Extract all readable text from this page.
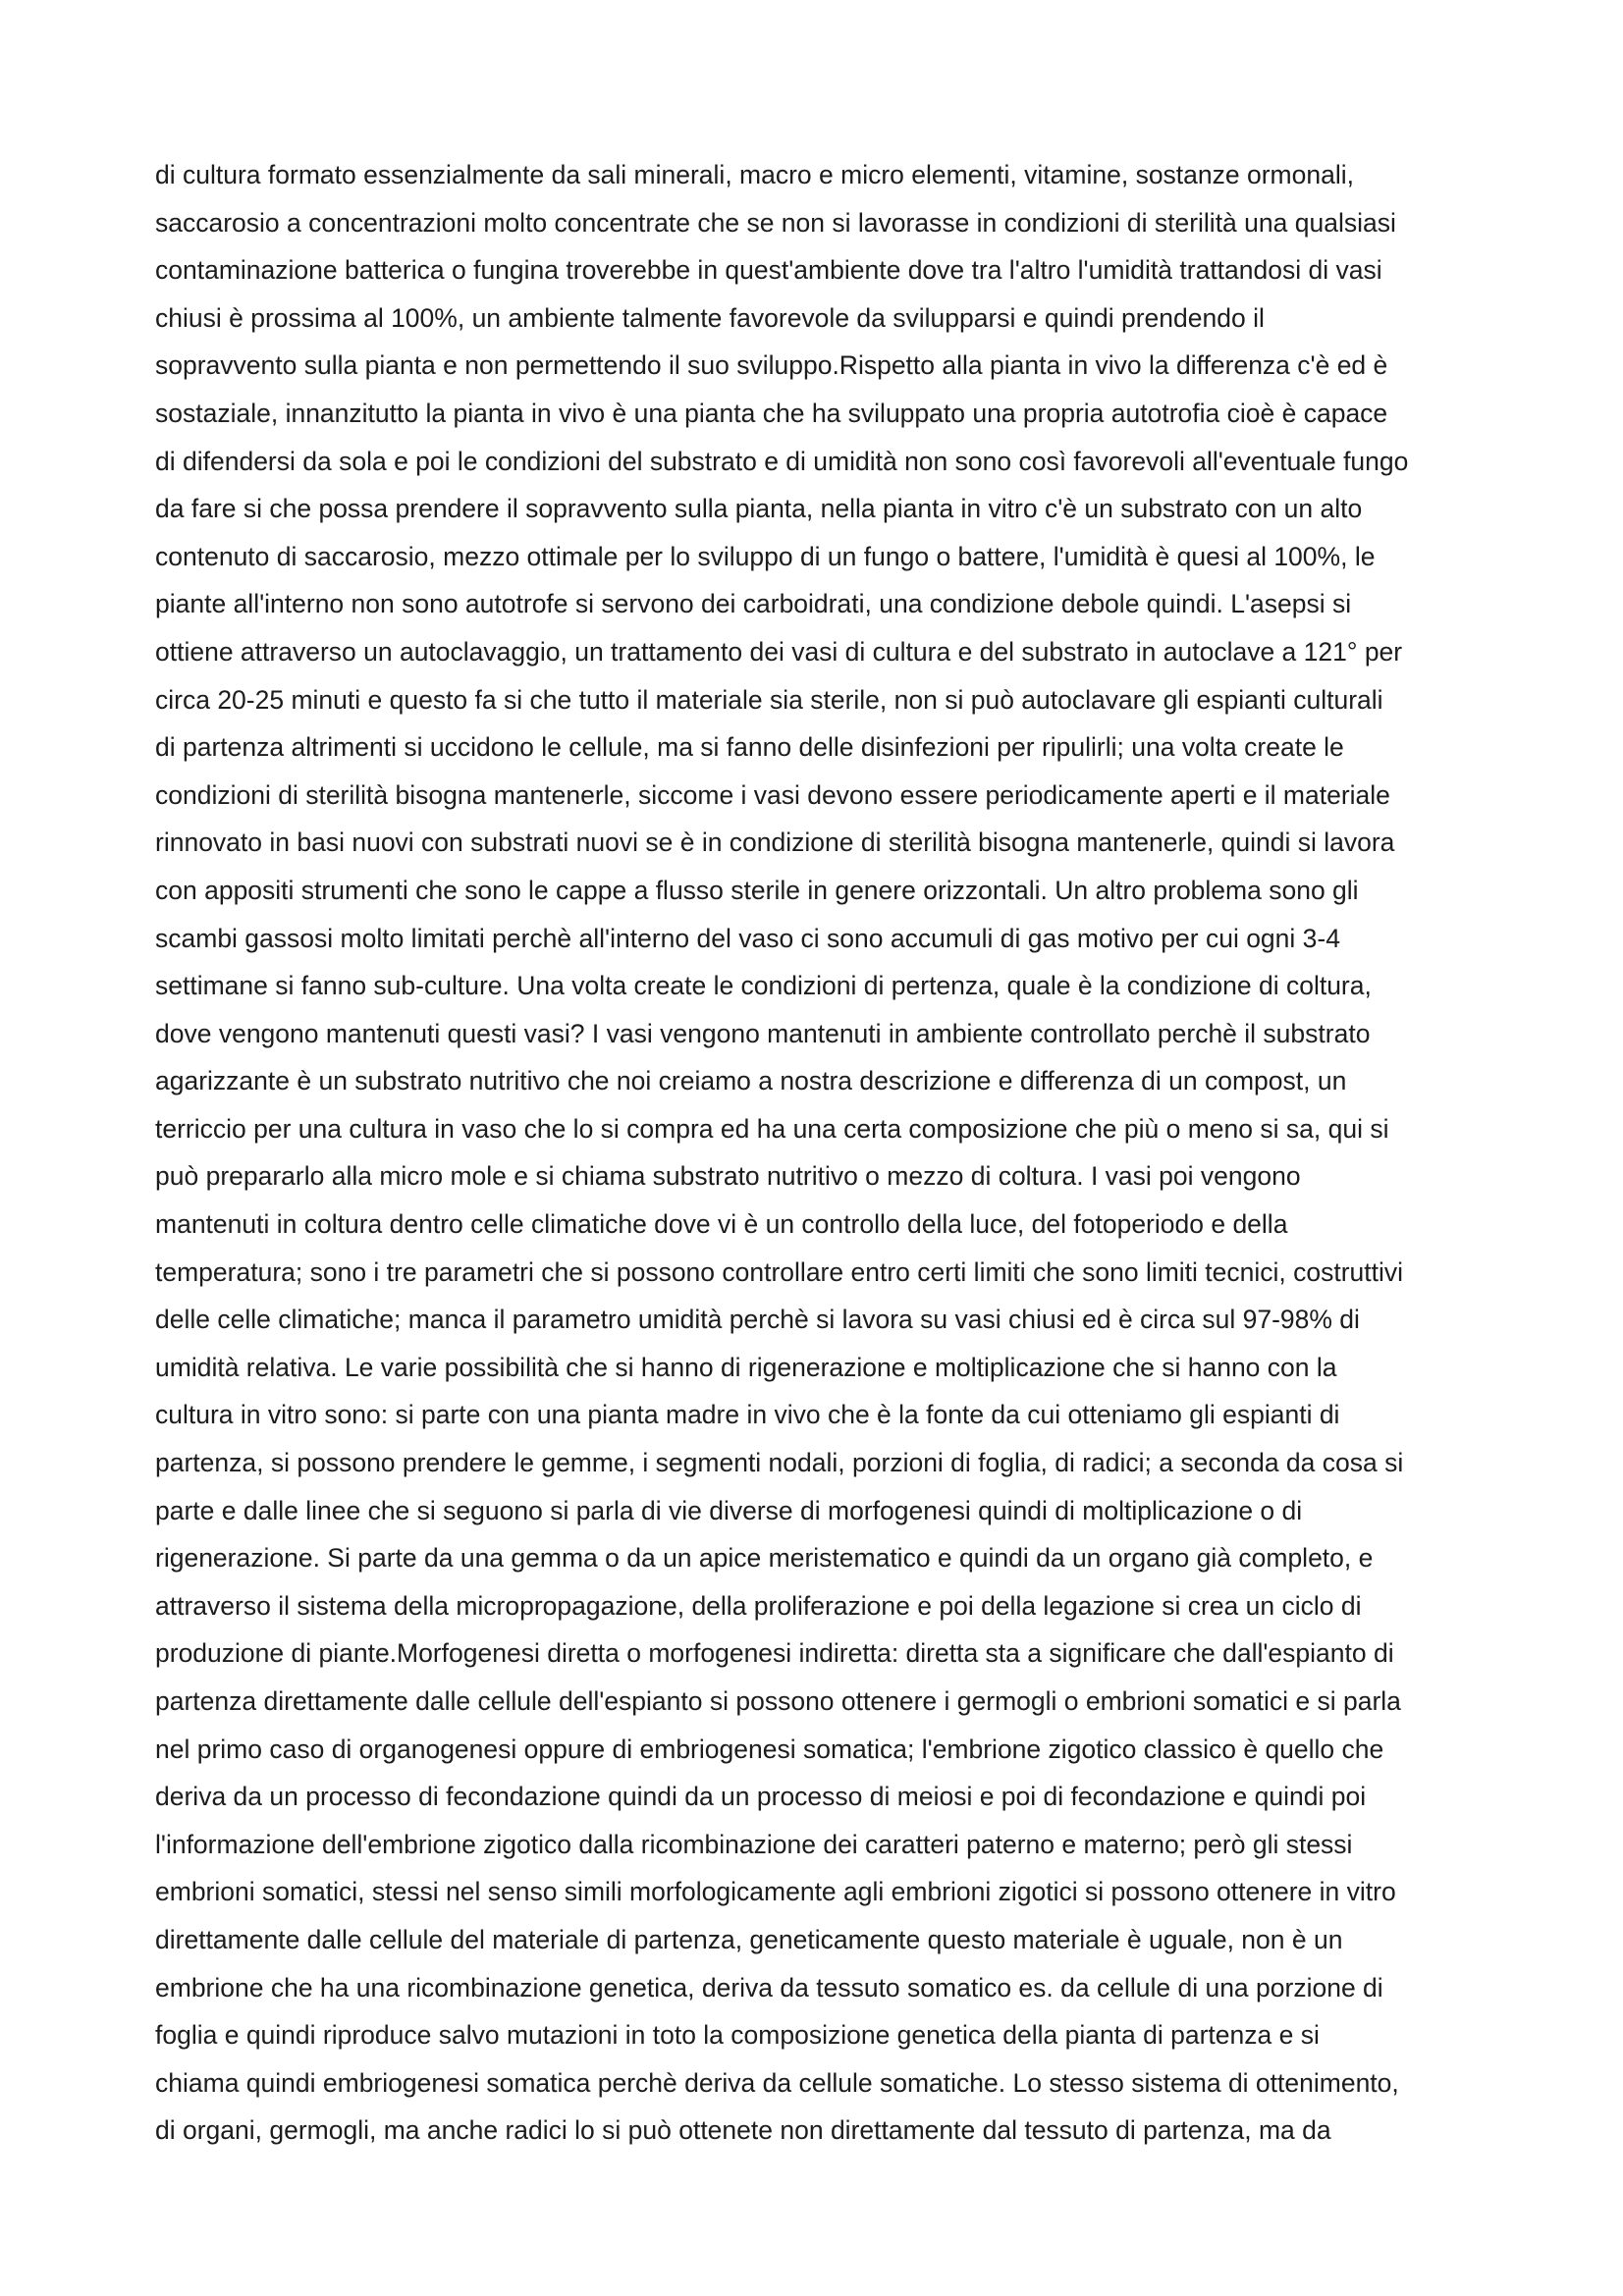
di cultura formato essenzialmente da sali minerali, macro e micro elementi, vitamine, sostanze ormonali,
saccarosio a concentrazioni molto concentrate che se non si lavorasse in condizioni di sterilità una qualsiasi
contaminazione batterica o fungina troverebbe in quest'ambiente dove tra l'altro l'umidità trattandosi di vasi
chiusi è prossima al 100%, un ambiente talmente favorevole da svilupparsi e quindi prendendo il
sopravvento sulla pianta e non permettendo il suo sviluppo.Rispetto alla pianta in vivo la differenza c'è ed è
sostaziale, innanzitutto la pianta in vivo è una pianta che ha sviluppato una propria autotrofia cioè è capace
di difendersi da sola e poi le condizioni del substrato e di umidità non sono così favorevoli all'eventuale fungo
da fare si che possa prendere il sopravvento sulla pianta, nella pianta in vitro c'è un substrato con un alto
contenuto di saccarosio, mezzo ottimale per lo sviluppo di un fungo o battere, l'umidità è quesi al 100%, le
piante all'interno non sono autotrofe si servono dei carboidrati, una condizione debole quindi. L'asepsi si
ottiene attraverso un autoclavaggio, un trattamento dei vasi di cultura e del substrato in autoclave a 121° per
circa 20-25 minuti e questo fa si che tutto il materiale sia sterile, non si può autoclavare gli espianti culturali
di partenza altrimenti si uccidono le cellule, ma si fanno delle disinfezioni per ripulirli; una volta create le
condizioni di sterilità bisogna mantenerle, siccome i vasi devono essere periodicamente aperti e il materiale
rinnovato in basi nuovi con substrati nuovi se è in condizione di sterilità bisogna mantenerle, quindi si lavora
con appositi strumenti che sono le cappe a flusso sterile in genere orizzontali. Un altro problema sono gli
scambi gassosi molto limitati perchè all'interno del vaso ci sono accumuli di gas motivo per cui ogni 3-4
settimane si fanno sub-culture. Una volta create le condizioni di pertenza, quale è la condizione di coltura,
dove vengono mantenuti questi vasi? I vasi vengono mantenuti in ambiente controllato perchè il substrato
agarizzante è un substrato nutritivo che noi creiamo a nostra descrizione e differenza di un compost, un
terriccio per una cultura in vaso che lo si compra ed ha una certa composizione che più o meno si sa, qui si
può prepararlo alla micro mole e si chiama substrato nutritivo o mezzo di coltura. I vasi poi vengono
mantenuti in coltura dentro celle climatiche dove vi è un controllo della luce, del fotoperiodo e della
temperatura; sono i tre parametri che si possono controllare entro certi limiti che sono limiti tecnici, costruttivi
delle celle climatiche; manca il parametro umidità perchè si lavora su vasi chiusi ed è circa sul 97-98% di
umidità relativa. Le varie possibilità che si hanno di rigenerazione e moltiplicazione che si hanno con la
cultura in vitro sono: si parte con una pianta madre in vivo che è la fonte da cui otteniamo gli espianti di
partenza, si possono prendere le gemme, i segmenti nodali, porzioni di foglia, di radici; a seconda da cosa si
parte e dalle linee che si seguono si parla di vie diverse di morfogenesi quindi di moltiplicazione o di
rigenerazione. Si parte da una gemma o da un apice meristematico e quindi da un organo già completo, e
attraverso il sistema della micropropagazione, della proliferazione e poi della legazione si crea un ciclo di
produzione di piante.Morfogenesi diretta o morfogenesi indiretta: diretta sta a significare che dall'espianto di
partenza direttamente dalle cellule dell'espianto si possono ottenere i germogli o embrioni somatici e si parla
nel primo caso di organogenesi oppure di embriogenesi somatica; l'embrione zigotico classico è quello che
deriva da un processo di fecondazione quindi da un processo di meiosi e poi di fecondazione e quindi poi
l'informazione dell'embrione zigotico dalla ricombinazione dei caratteri paterno e materno; però gli stessi
embrioni somatici, stessi nel senso simili morfologicamente agli embrioni zigotici si possono ottenere in vitro
direttamente dalle cellule del materiale di partenza, geneticamente questo materiale è uguale, non è un
embrione che ha una ricombinazione genetica, deriva da tessuto somatico es. da cellule di una porzione di
foglia e quindi riproduce salvo mutazioni in toto la composizione genetica della pianta di partenza e si
chiama quindi embriogenesi somatica perchè deriva da cellule somatiche. Lo stesso sistema di ottenimento,
di organi, germogli, ma anche radici lo si può ottenete non direttamente dal tessuto di partenza, ma da
